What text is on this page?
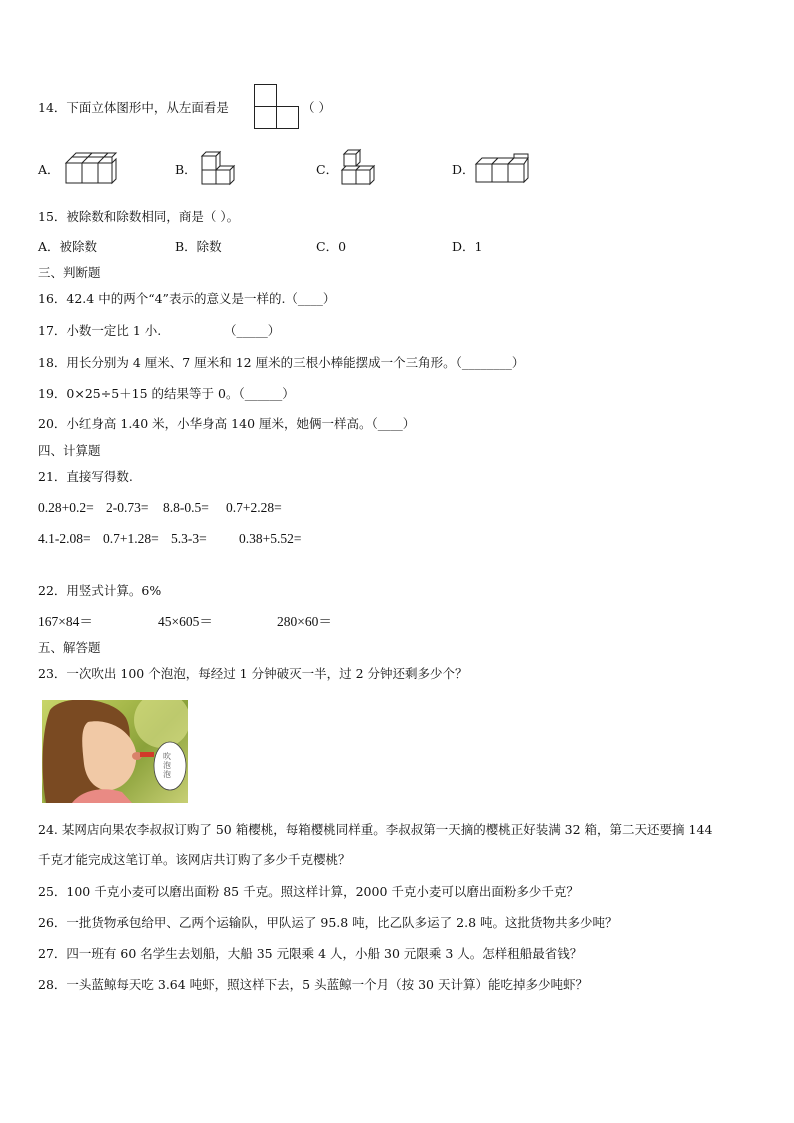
14．下面立体图形中，从左面看是	（ ）
A．	B．	C．	D．
15．被除数和除数相同，商是（ ）。
A．被除数	B．除数	C．0	D．1
三、判断题
16．42.4 中的两个“4”表示的意义是一样的.（____）
17．小数一定比 1 小.	（_____）
18．用长分别为 4 厘米、7 厘米和 12 厘米的三根小棒能摆成一个三角形。（________）
19．0×25÷5＋15 的结果等于 0。（______）
20．小红身高 1.40 米，小华身高 140 厘米，她俩一样高。（____）
四、计算题
21．直接写得数.
0.28+0.2= 2-0.73= 8.8-0.5= 0.7+2.28=
4.1-2.08= 0.7+1.28= 5.3-3= 0.38+5.52=
22．用竖式计算。6%
167×84＝	45×605＝	280×60＝
五、解答题
23．一次吹出 100 个泡泡，每经过 1 分钟破灭一半，过 2 分钟还剩多少个？
吹泡泡
24. 某网店向果农李叔叔订购了 50 箱樱桃，每箱樱桃同样重。李叔叔第一天摘的樱桃正好装满 32 箱，第二天还要摘 144
千克才能完成这笔订单。该网店共订购了多少千克樱桃？
25．100 千克小麦可以磨出面粉 85 千克。照这样计算，2000 千克小麦可以磨出面粉多少千克？
26．一批货物承包给甲、乙两个运输队，甲队运了 95.8 吨，比乙队多运了 2.8 吨。这批货物共多少吨？
27．四一班有 60 名学生去划船，大船 35 元限乘 4 人，小船 30 元限乘 3 人。怎样租船最省钱？
28．一头蓝鲸每天吃 3.64 吨虾，照这样下去，5 头蓝鲸一个月（按 30 天计算）能吃掉多少吨虾？
